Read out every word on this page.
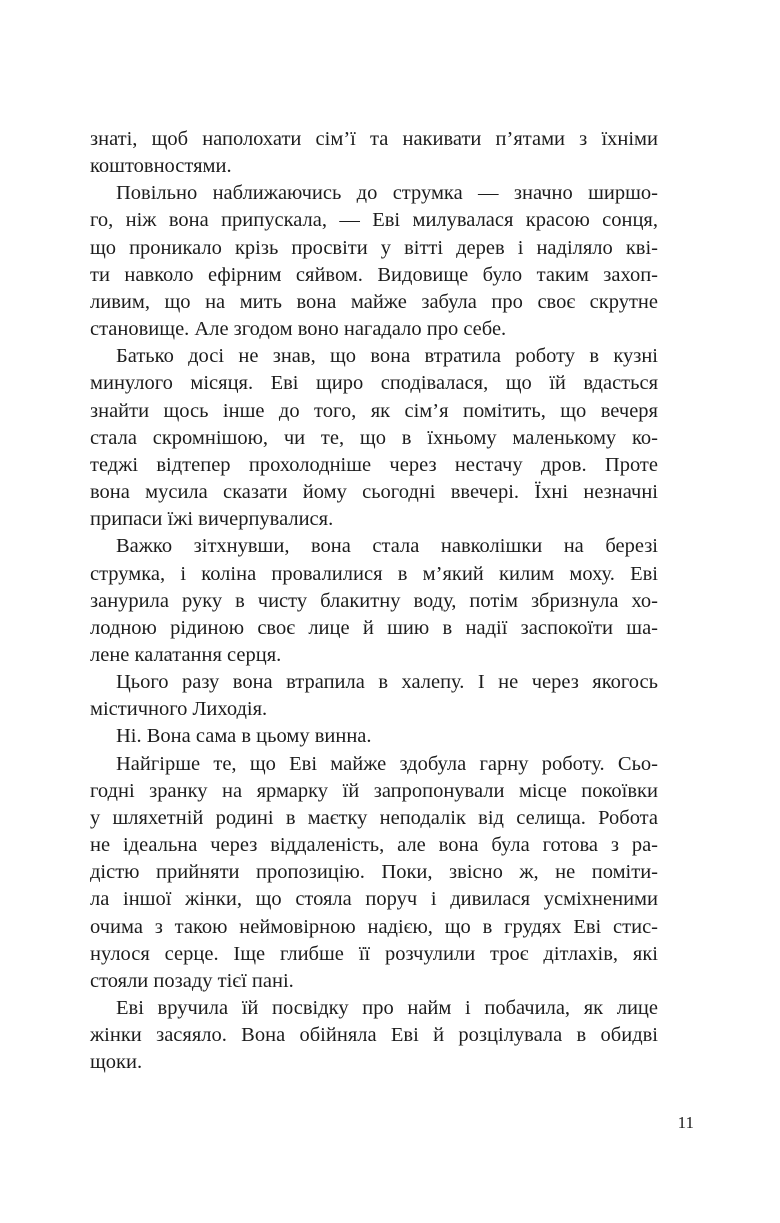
знаті, щоб наполохати сім’ї та накивати п’ятами з їхніми
коштовностями.
Повільно наближаючись до струмка — значно ширшо-
го, ніж вона припускала, — Еві милувалася красою сонця,
що проникало крізь просвіти у вітті дерев і наділяло кві-
ти навколо ефірним сяйвом. Видовище було таким захоп-
ливим, що на мить вона майже забула про своє скрутне
становище. Але згодом воно нагадало про себе.
Батько досі не знав, що вона втратила роботу в кузні
минулого місяця. Еві щиро сподівалася, що їй вдасться
знайти щось інше до того, як сім’я помітить, що вечеря
стала скромнішою, чи те, що в їхньому маленькому ко-
теджі відтепер прохолодніше через нестачу дров. Проте
вона мусила сказати йому сьогодні ввечері. Їхні незначні
припаси їжі вичерпувалися.
Важко зітхнувши, вона стала навколішки на березі
струмка, і коліна провалилися в м’який килим моху. Еві
занурила руку в чисту блакитну воду, потім збризнула хо-
лодною рідиною своє лице й шию в надії заспокоїти ша-
лене калатання серця.
Цього разу вона втрапила в халепу. І не через якогось
містичного Лиходія.
Ні. Вона сама в цьому винна.
Найгірше те, що Еві майже здобула гарну роботу. Сьо-
годні зранку на ярмарку їй запропонували місце покоївки
у шляхетній родині в маєтку неподалік від селища. Робота
не ідеальна через віддаленість, але вона була готова з ра-
дістю прийняти пропозицію. Поки, звісно ж, не поміти-
ла іншої жінки, що стояла поруч і дивилася усміхненими
очима з такою неймовірною надією, що в грудях Еві стис-
нулося серце. Іще глибше її розчулили троє дітлахів, які
стояли позаду тієї пані.
Еві вручила їй посвідку про найм і побачила, як лице
жінки засяяло. Вона обійняла Еві й розцілувала в обидві
щоки.
11
